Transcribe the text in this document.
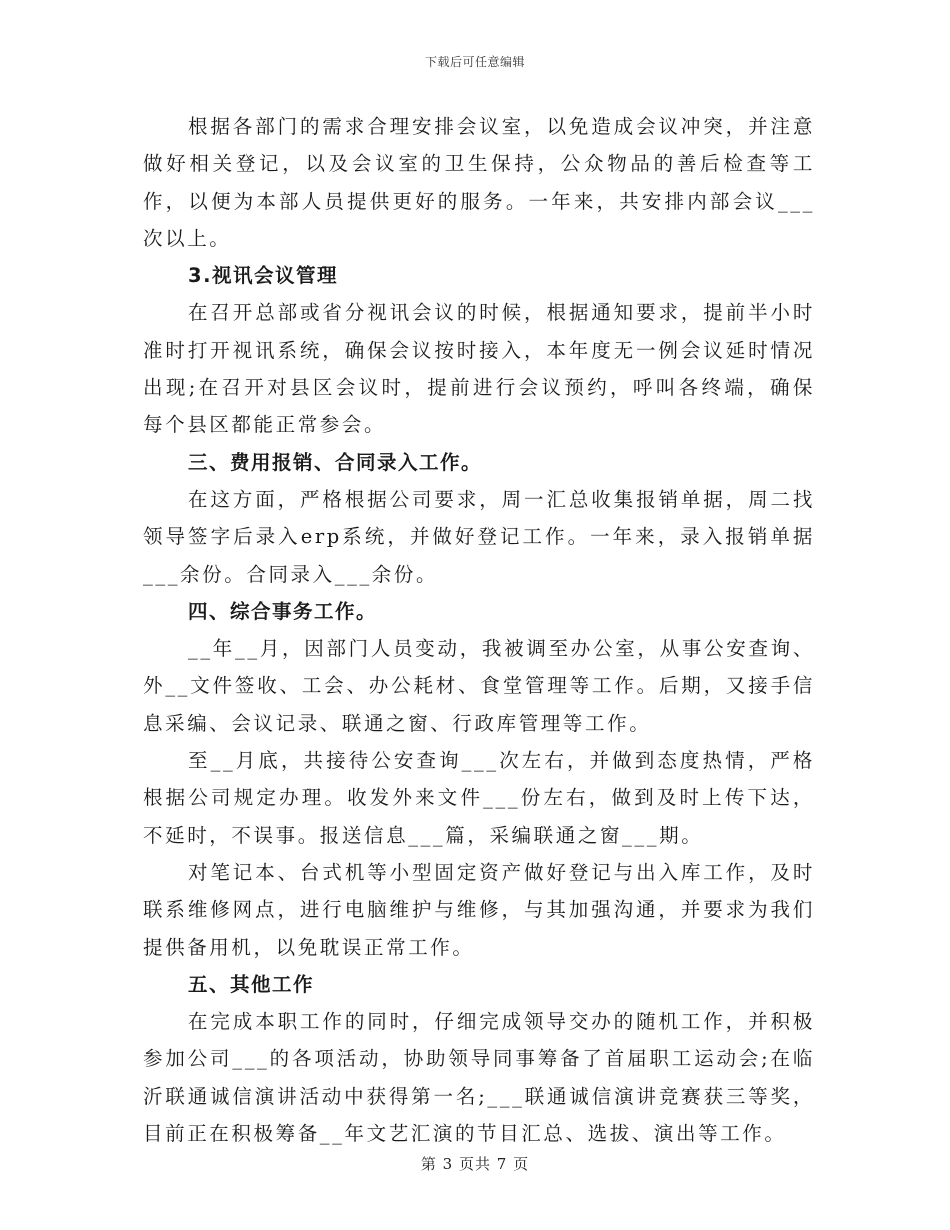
下载后可任意编辑

根据各部门的需求合理安排会议室，以免造成会议冲突，并注意做好相关登记，以及会议室的卫生保持，公众物品的善后检查等工作，以便为本部人员提供更好的服务。一年来，共安排内部会议___次以上。

3.视讯会议管理

在召开总部或省分视讯会议的时候，根据通知要求，提前半小时准时打开视讯系统，确保会议按时接入，本年度无一例会议延时情况出现;在召开对县区会议时，提前进行会议预约，呼叫各终端，确保每个县区都能正常参会。

三、费用报销、合同录入工作。

在这方面，严格根据公司要求，周一汇总收集报销单据，周二找领导签字后录入erp系统，并做好登记工作。一年来，录入报销单据___余份。合同录入___余份。

四、综合事务工作。

__年__月，因部门人员变动，我被调至办公室，从事公安查询、外__文件签收、工会、办公耗材、食堂管理等工作。后期，又接手信息采编、会议记录、联通之窗、行政库管理等工作。

至__月底，共接待公安查询___次左右，并做到态度热情，严格根据公司规定办理。收发外来文件___份左右，做到及时上传下达，不延时，不误事。报送信息___篇，采编联通之窗___期。

对笔记本、台式机等小型固定资产做好登记与出入库工作，及时联系维修网点，进行电脑维护与维修，与其加强沟通，并要求为我们提供备用机，以免耽误正常工作。

五、其他工作

在完成本职工作的同时，仔细完成领导交办的随机工作，并积极参加公司___的各项活动，协助领导同事筹备了首届职工运动会;在临沂联通诚信演讲活动中获得第一名;___联通诚信演讲竞赛获三等奖，目前正在积极筹备__年文艺汇演的节目汇总、选拔、演出等工作。

第 3 页共 7 页
